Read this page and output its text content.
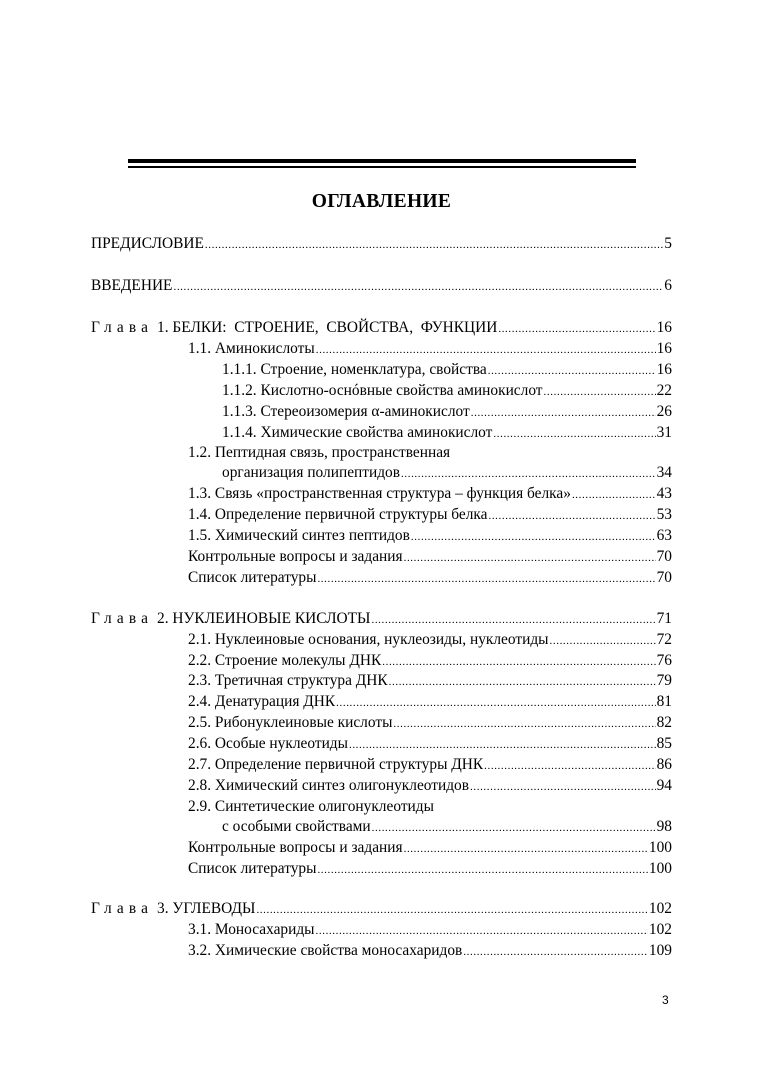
ОГЛАВЛЕНИЕ
ПРЕДИСЛОВИЕ .....	5
ВВЕДЕНИЕ .....	6
Глава 1. БЕЛКИ:  СТРОЕНИЕ,  СВОЙСТВА,  ФУНКЦИИ .....	16
1.1. Аминокислоты .....	16
1.1.1. Строение, номенклатура, свойства .....	16
1.1.2. Кислотно-оснóвные свойства аминокислот .....	22
1.1.3. Стереоизомерия α-аминокислот .....	26
1.1.4. Химические свойства аминокислот .....	31
1.2. Пептидная связь, пространственная
организация полипептидов .....	34
1.3. Связь «пространственная структура – функция белка» .....	43
1.4. Определение первичной структуры белка .....	53
1.5. Химический синтез пептидов .....	63
Контрольные вопросы и задания .....	70
Список литературы .....	70
Глава 2. НУКЛЕИНОВЫЕ КИСЛОТЫ .....	71
2.1. Нуклеиновые основания, нуклеозиды, нуклеотиды .....	72
2.2. Строение молекулы ДНК .....	76
2.3. Третичная структура ДНК .....	79
2.4. Денатурация ДНК .....	81
2.5. Рибонуклеиновые кислоты .....	82
2.6. Особые нуклеотиды .....	85
2.7. Определение первичной структуры ДНК .....	86
2.8. Химический синтез олигонуклеотидов .....	94
2.9. Синтетические олигонуклеотиды
с особыми свойствами .....	98
Контрольные вопросы и задания .....	100
Список литературы .....	100
Глава 3. УГЛЕВОДЫ .....	102
3.1. Моносахариды .....	102
3.2. Химические свойства моносахаридов .....	109
3
